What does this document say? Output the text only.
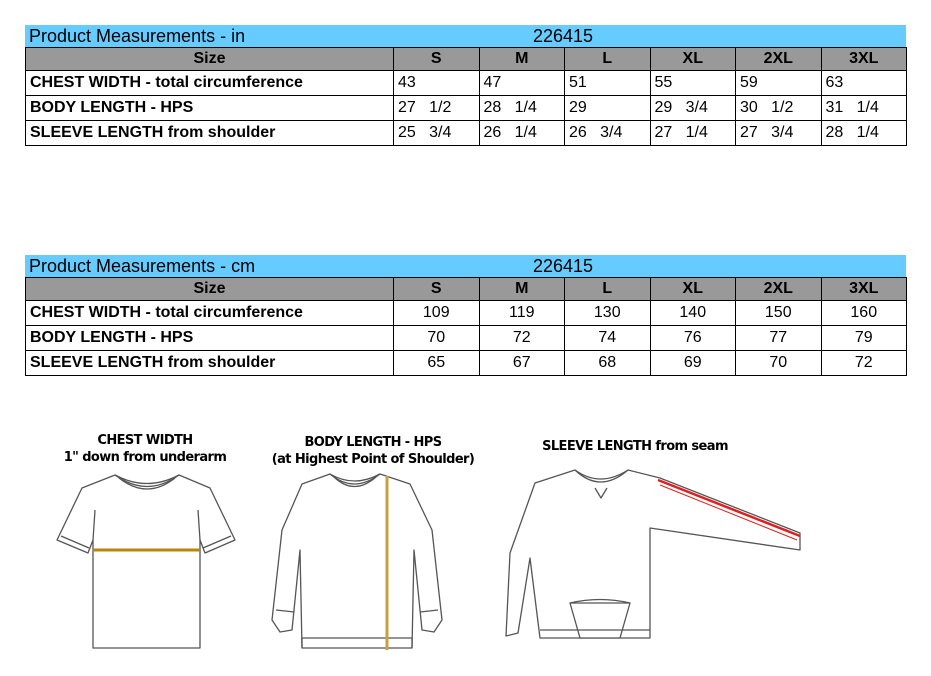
Product Measurements - in	226415
Size	S	M	L	XL	2XL	3XL
CHEST WIDTH - total circumference	43	47	51	55	59	63
BODY LENGTH - HPS	27   1/2	28   1/4	29	29   3/4	30   1/2	31   1/4
SLEEVE LENGTH from shoulder	25   3/4	26   1/4	26   3/4	27   1/4	27   3/4	28   1/4
Product Measurements - cm	226415
Size	S	M	L	XL	2XL	3XL
CHEST WIDTH - total circumference	109	119	130	140	150	160
BODY LENGTH - HPS	70	72	74	76	77	79
SLEEVE LENGTH from shoulder	65	67	68	69	70	72
CHEST WIDTH
1" down from underarm
BODY LENGTH - HPS
(at Highest Point of Shoulder)
SLEEVE LENGTH from seam
